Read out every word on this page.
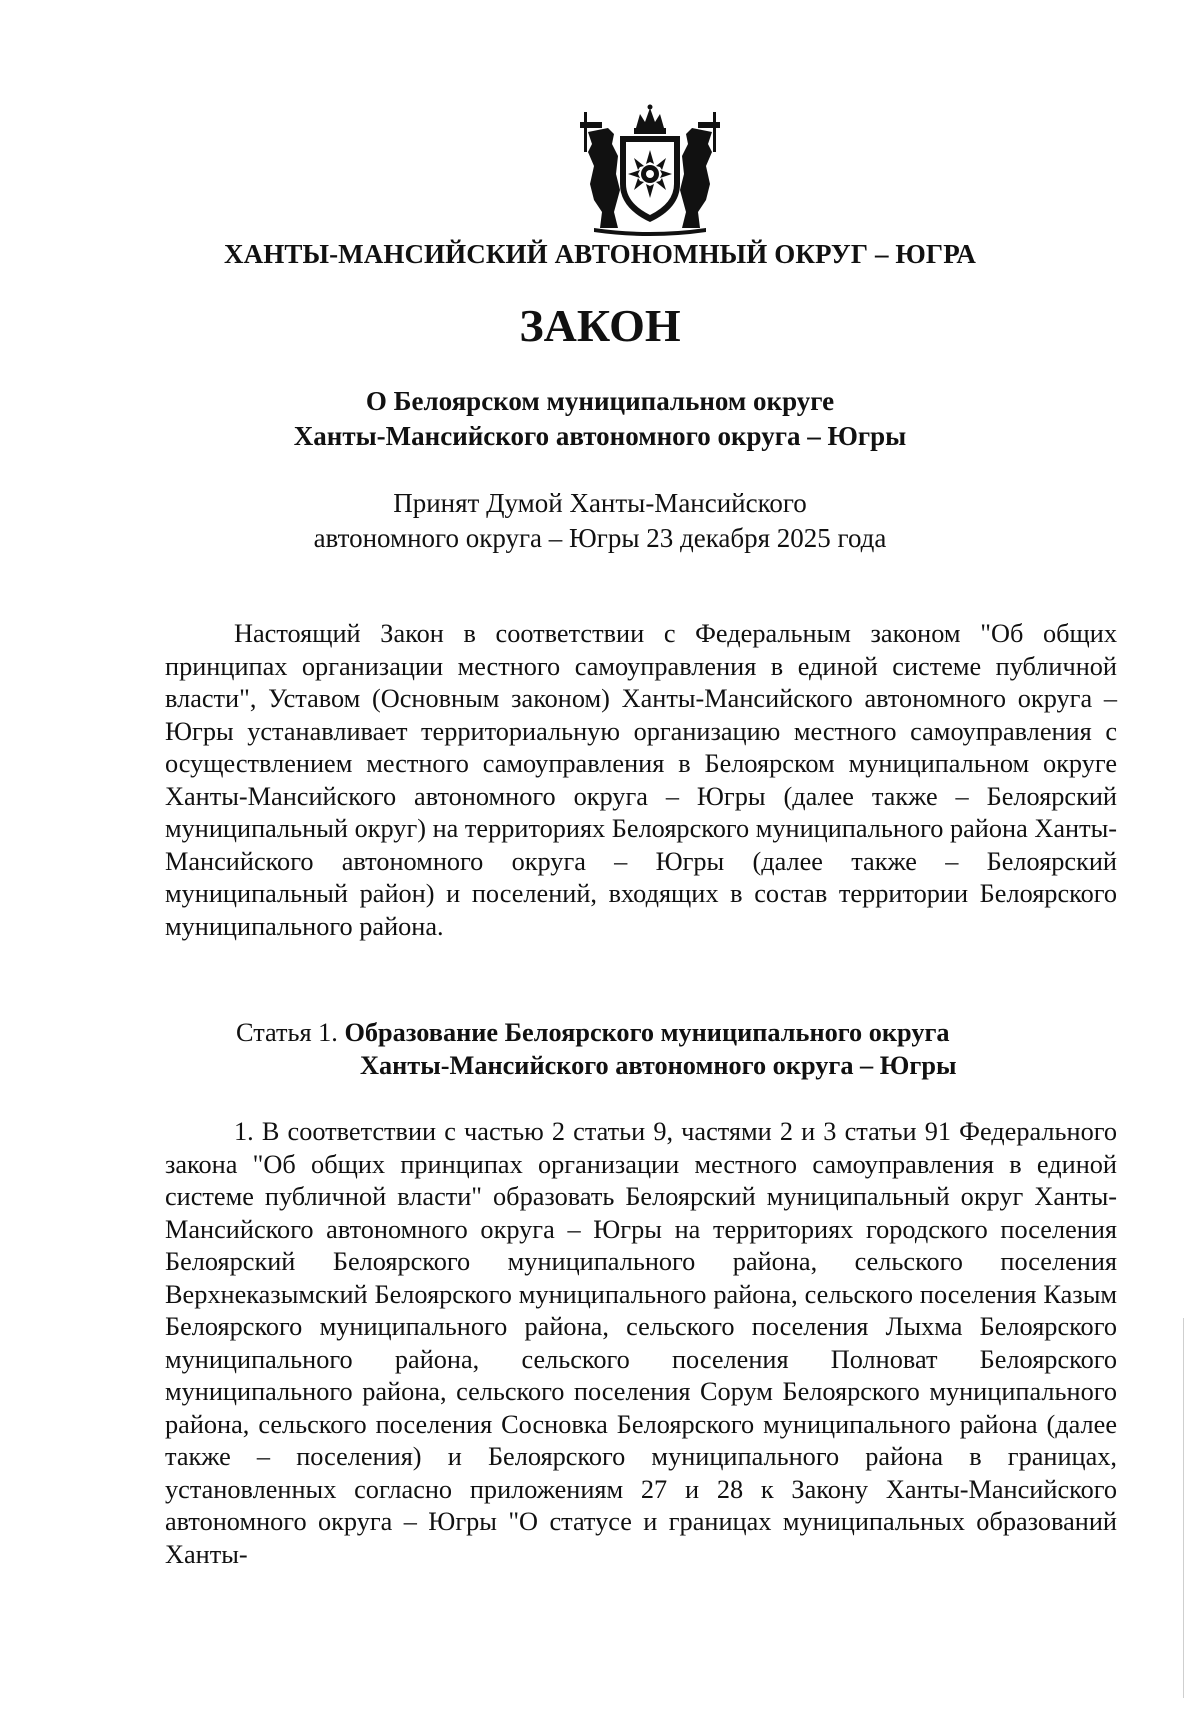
ХАНТЫ-МАНСИЙСКИЙ АВТОНОМНЫЙ ОКРУГ – ЮГРА
ЗАКОН
О Белоярском муниципальном округе
Ханты-Мансийского автономного округа – Югры
Принят Думой Ханты-Мансийского
автономного округа – Югры 23 декабря 2025 года

Настоящий Закон в соответствии с Федеральным законом "Об общих принципах организации местного самоуправления в единой системе публичной власти", Уставом (Основным законом) Ханты-Мансийского автономного округа – Югры устанавливает территориальную организацию местного самоуправления с осуществлением местного самоуправления в Белоярском муниципальном округе Ханты-Мансийского автономного округа – Югры (далее также – Белоярский муниципальный округ) на территориях Белоярского муниципального района Ханты-Мансийского автономного округа – Югры (далее также – Белоярский муниципальный район) и поселений, входящих в состав территории Белоярского муниципального района.

Статья 1. Образование Белоярского муниципального округа
Ханты-Мансийского автономного округа – Югры

1. В соответствии с частью 2 статьи 9, частями 2 и 3 статьи 91 Федерального закона "Об общих принципах организации местного самоуправления в единой системе публичной власти" образовать Белоярский муниципальный округ Ханты-Мансийского автономного округа – Югры на территориях городского поселения Белоярский Белоярского муниципального района, сельского поселения Верхнеказымский Белоярского муниципального района, сельского поселения Казым Белоярского муниципального района, сельского поселения Лыхма Белоярского муниципального района, сельского поселения Полноват Белоярского муниципального района, сельского поселения Сорум Белоярского муниципального района, сельского поселения Сосновка Белоярского муниципального района (далее также – поселения) и Белоярского муниципального района в границах, установленных согласно приложениям 27 и 28 к Закону Ханты-Мансийского автономного округа – Югры "О статусе и границах муниципальных образований Ханты-
